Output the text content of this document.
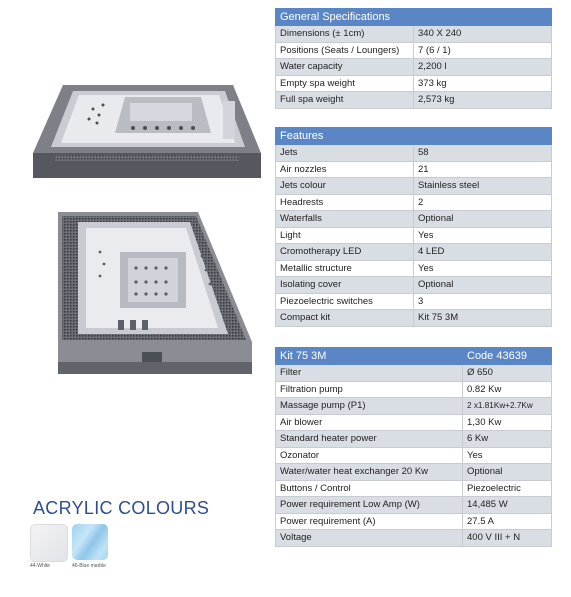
ACRYLIC COLOURS
44-White	46-Blue marble
General Specifications	
Dimensions (± 1cm)	340 X 240
Positions (Seats / Loungers)	7 (6 / 1)
Water capacity	2,200 l
Empty spa weight	373 kg
Full spa weight	2,573 kg
Features	
Jets	58
Air nozzles	21
Jets colour	Stainless steel
Headrests	2
Waterfalls	Optional
Light	Yes
Cromotherapy LED	4 LED
Metallic structure	Yes
Isolating cover	Optional
Piezoelectric switches	3
Compact kit	Kit 75 3M
Kit 75 3M	Code 43639
Filter	Ø 650
Filtration pump	0.82 Kw
Massage pump (P1)	2 x1.81Kw+2.7Kw
Air blower	1,30 Kw
Standard heater power	6 Kw
Ozonator	Yes
Water/water heat exchanger 20 Kw	Optional
Buttons / Control	Piezoelectric
Power requirement Low Amp (W)	14,485 W
Power requirement (A)	27.5 A
Voltage	400 V III + N
